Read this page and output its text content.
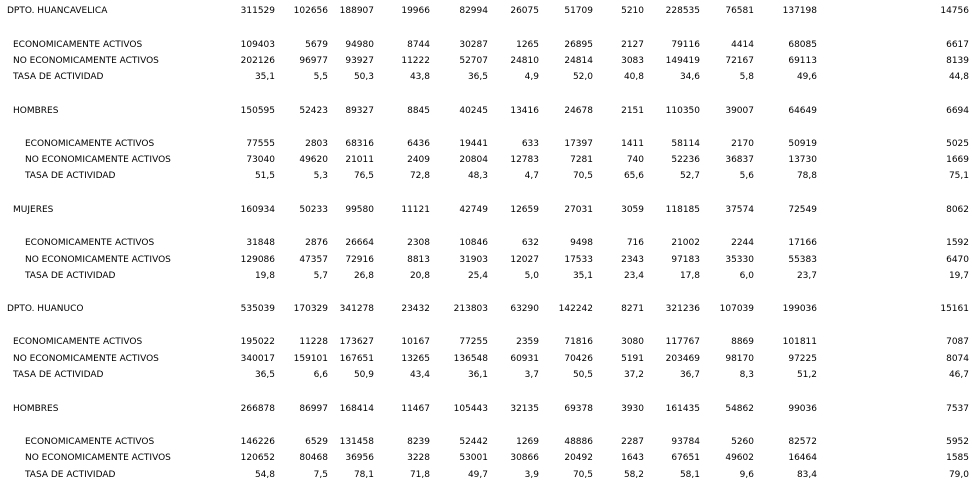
DPTO. HUANCAVELICA	311529	102656	188907	19966	82994	26075	51709	5210	228535	76581	137198	14756
ECONOMICAMENTE ACTIVOS	109403	5679	94980	8744	30287	1265	26895	2127	79116	4414	68085	6617
NO ECONOMICAMENTE ACTIVOS	202126	96977	93927	11222	52707	24810	24814	3083	149419	72167	69113	8139
TASA DE ACTIVIDAD	35,1	5,5	50,3	43,8	36,5	4,9	52,0	40,8	34,6	5,8	49,6	44,8
HOMBRES	150595	52423	89327	8845	40245	13416	24678	2151	110350	39007	64649	6694
ECONOMICAMENTE ACTIVOS	77555	2803	68316	6436	19441	633	17397	1411	58114	2170	50919	5025
NO ECONOMICAMENTE ACTIVOS	73040	49620	21011	2409	20804	12783	7281	740	52236	36837	13730	1669
TASA DE ACTIVIDAD	51,5	5,3	76,5	72,8	48,3	4,7	70,5	65,6	52,7	5,6	78,8	75,1
MUJERES	160934	50233	99580	11121	42749	12659	27031	3059	118185	37574	72549	8062
ECONOMICAMENTE ACTIVOS	31848	2876	26664	2308	10846	632	9498	716	21002	2244	17166	1592
NO ECONOMICAMENTE ACTIVOS	129086	47357	72916	8813	31903	12027	17533	2343	97183	35330	55383	6470
TASA DE ACTIVIDAD	19,8	5,7	26,8	20,8	25,4	5,0	35,1	23,4	17,8	6,0	23,7	19,7
DPTO. HUANUCO	535039	170329	341278	23432	213803	63290	142242	8271	321236	107039	199036	15161
ECONOMICAMENTE ACTIVOS	195022	11228	173627	10167	77255	2359	71816	3080	117767	8869	101811	7087
NO ECONOMICAMENTE ACTIVOS	340017	159101	167651	13265	136548	60931	70426	5191	203469	98170	97225	8074
TASA DE ACTIVIDAD	36,5	6,6	50,9	43,4	36,1	3,7	50,5	37,2	36,7	8,3	51,2	46,7
HOMBRES	266878	86997	168414	11467	105443	32135	69378	3930	161435	54862	99036	7537
ECONOMICAMENTE ACTIVOS	146226	6529	131458	8239	52442	1269	48886	2287	93784	5260	82572	5952
NO ECONOMICAMENTE ACTIVOS	120652	80468	36956	3228	53001	30866	20492	1643	67651	49602	16464	1585
TASA DE ACTIVIDAD	54,8	7,5	78,1	71,8	49,7	3,9	70,5	58,2	58,1	9,6	83,4	79,0
